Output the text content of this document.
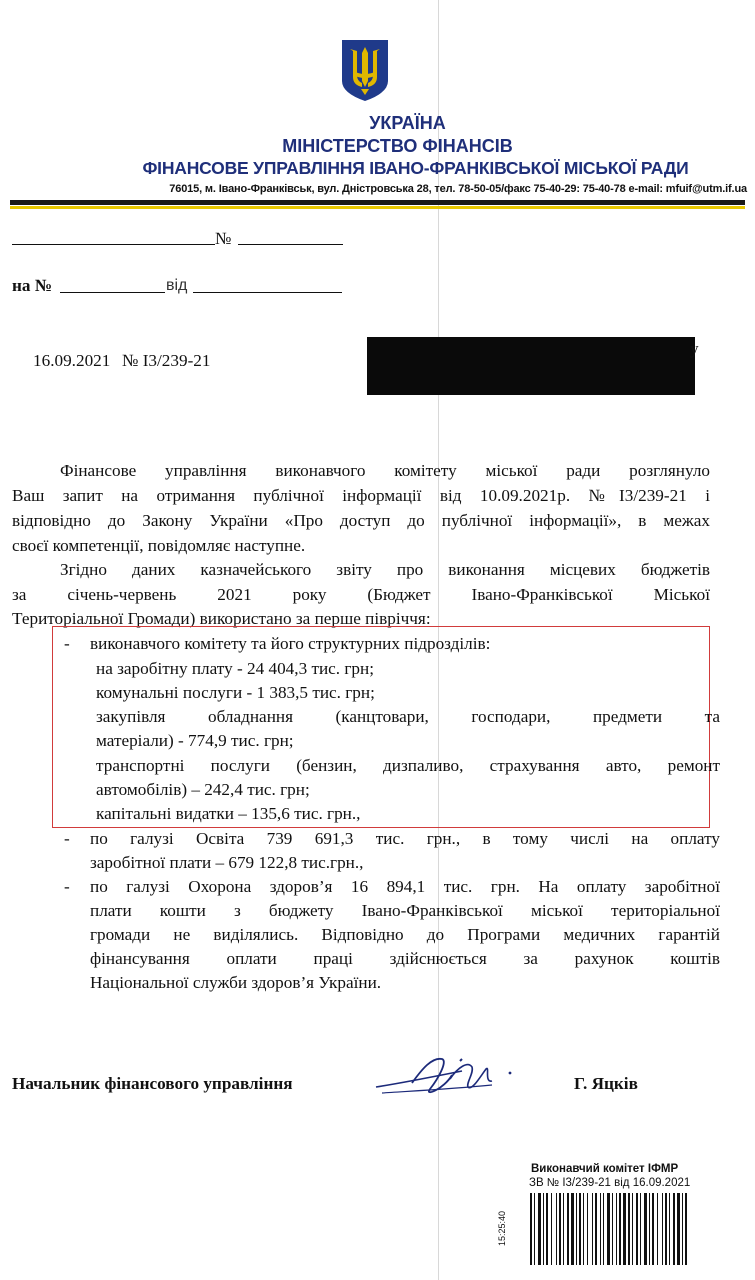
УКРАЇНА
МІНІСТЕРСТВО ФІНАНСІВ
ФІНАНСОВЕ УПРАВЛІННЯ ІВАНО-ФРАНКІВСЬКОЇ МІСЬКОЇ РАДИ
76015, м. Івано-Франківськ, вул. Дністровська 28, тел. 78-50-05/факс 75-40-29: 75-40-78 e-mail: mfuif@utm.if.ua
№
на №	від
16.09.2021 № І3/239-21
у
Фінансове управління виконавчого комітету міської ради розглянуло
Ваш запит на отримання публічної інформації від 10.09.2021р. №І3/239-21 і
відповідно до Закону України «Про доступ до публічної інформації», в межах
своєї компетенції, повідомляє наступне.
Згідно даних казначейського звіту про виконання місцевих бюджетів
за січень-червень 2021 року (Бюджет Івано-Франківської Міської
Територіальної Громади) використано за перше півріччя:
- виконавчого комітету та його структурних підрозділів:
на заробітну плату - 24 404,3 тис. грн;
комунальні послуги - 1 383,5 тис. грн;
закупівля обладнання (канцтовари, господари, предмети та
матеріали) - 774,9 тис. грн;
транспортні послуги (бензин, дизпаливо, страхування авто, ремонт
автомобілів) – 242,4 тис. грн;
капітальні видатки – 135,6 тис. грн.,
- по галузі Освіта 739 691,3 тис. грн., в тому числі на оплату
заробітної плати – 679 122,8 тис.грн.,
- по галузі Охорона здоров’я 16 894,1 тис. грн. На оплату заробітної
плати кошти з бюджету Івано-Франківської міської територіальної
громади не виділялись. Відповідно до Програми медичних гарантій
фінансування оплати праці здійснюється за рахунок коштів
Національної служби здоров’я України.
Начальник фінансового управління	Г. Яцків
Виконавчий комітет ІФМР
ЗВ № І3/239-21 від 16.09.2021
15:25:40
